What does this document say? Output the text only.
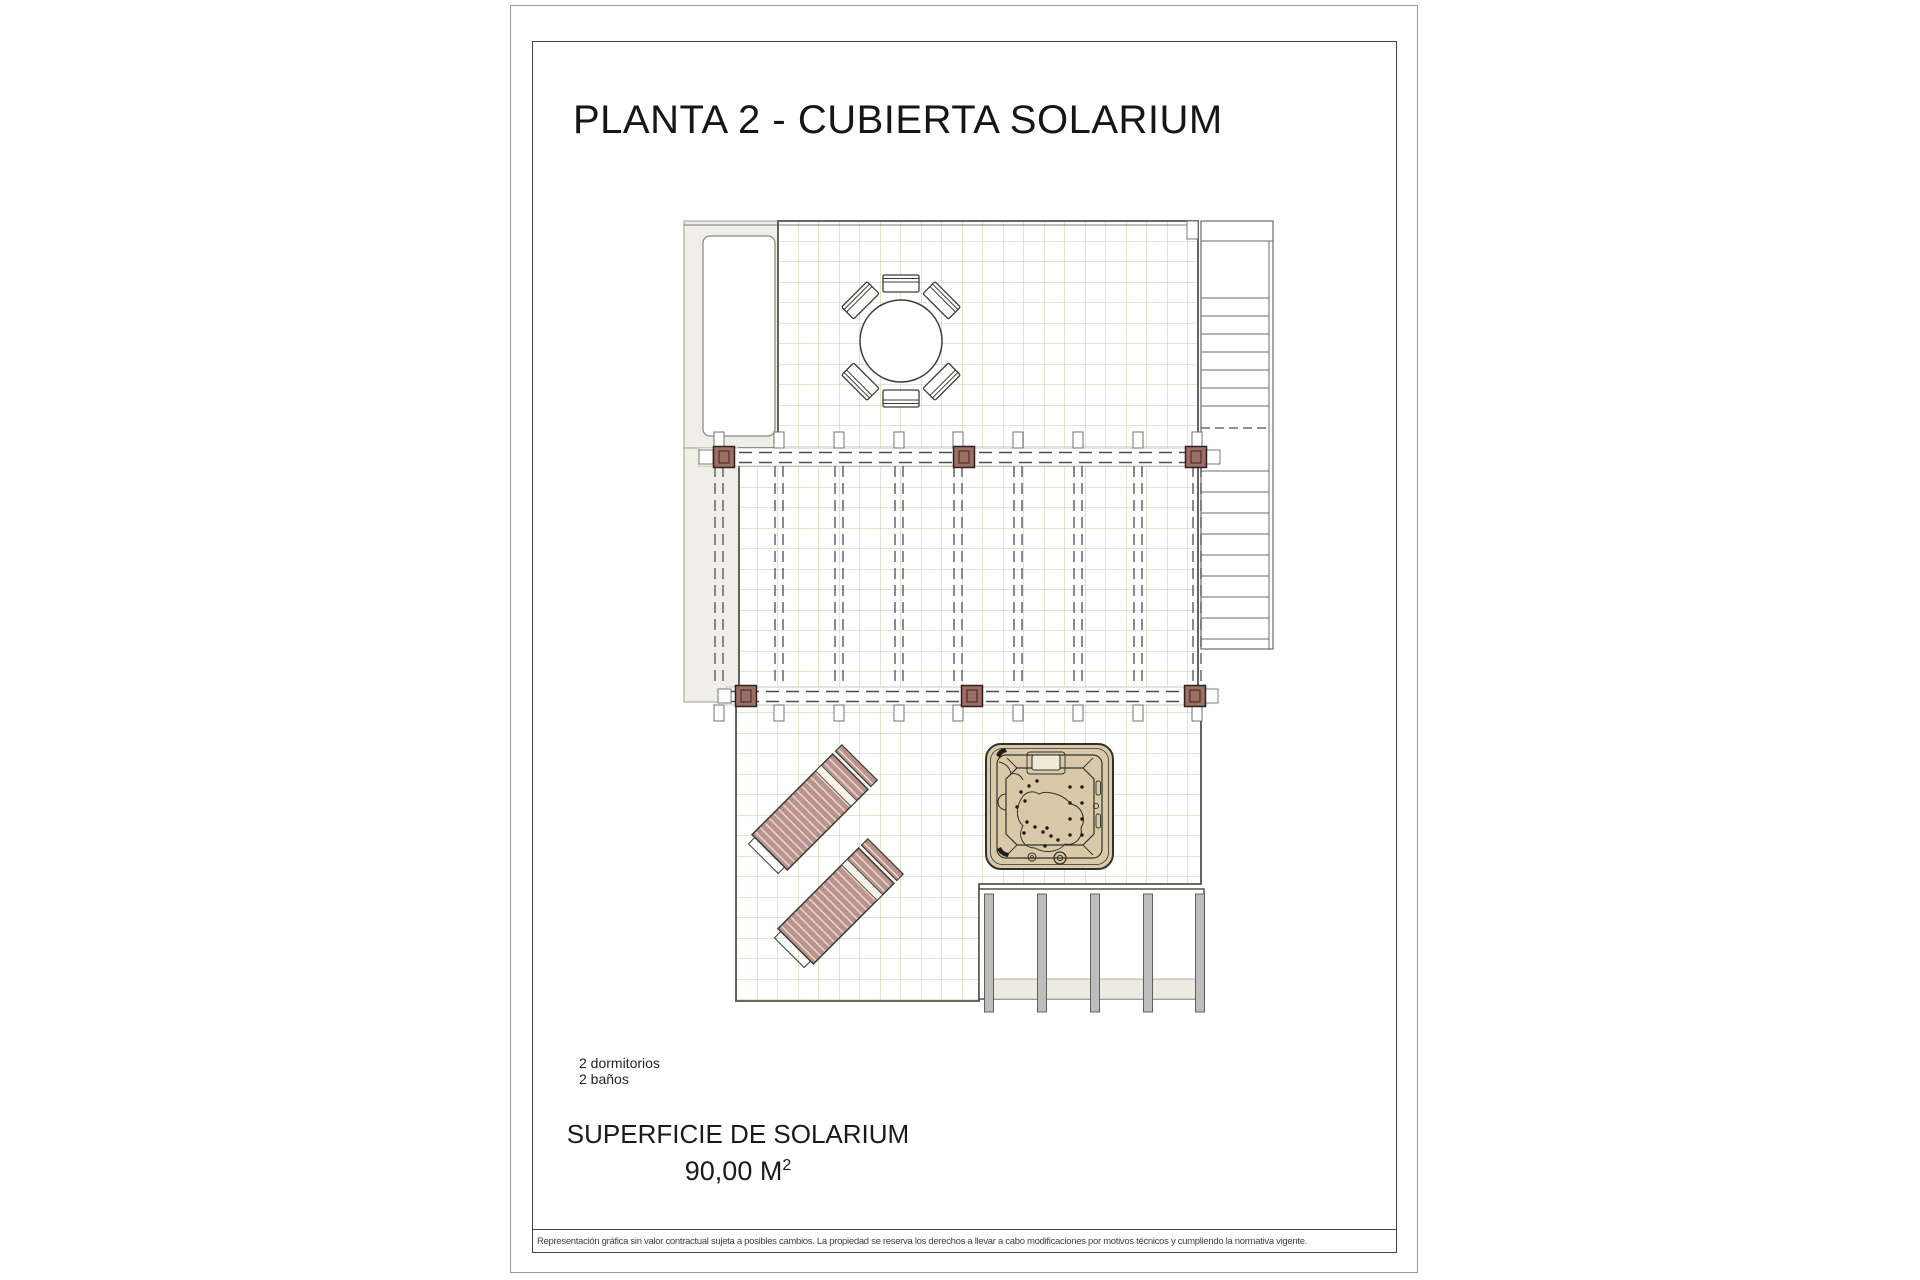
PLANTA 2 - CUBIERTA SOLARIUM
2 dormitorios
2 baños
SUPERFICIE DE SOLARIUM
90,00 $M^2$
Representación gráfica sin valor contractual sujeta a posibles cambios. La propiedad se reserva los derechos a llevar a cabo modificaciones por motivos técnicos y cumpliendo la normativa vigente.
